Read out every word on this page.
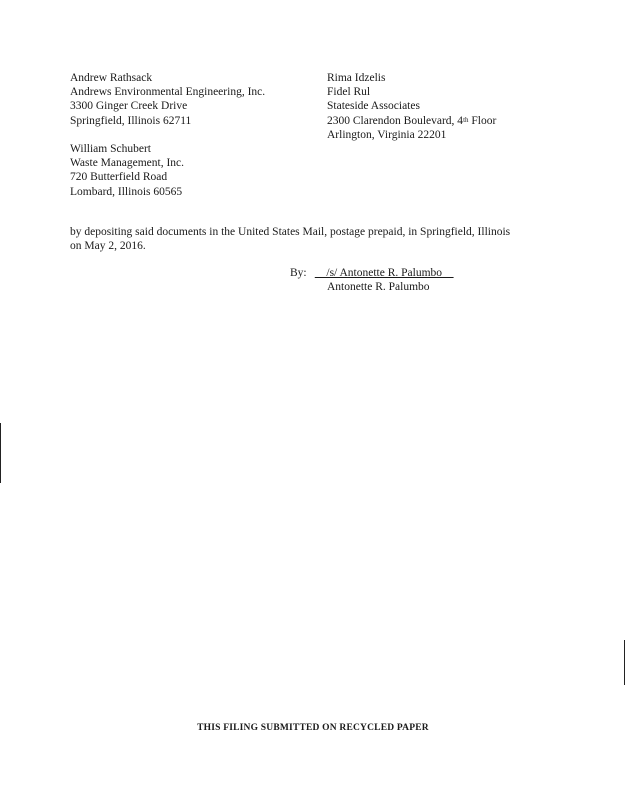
Andrew Rathsack
Andrews Environmental Engineering, Inc.
3300 Ginger Creek Drive
Springfield, Illinois 62711
Rima Idzelis
Fidel Rul
Stateside Associates
2300 Clarendon Boulevard, 4th Floor
Arlington, Virginia 22201
William Schubert
Waste Management, Inc.
720 Butterfield Road
Lombard, Illinois 60565
by depositing said documents in the United States Mail, postage prepaid, in Springfield, Illinois
on May 2, 2016.
By: __/s/ Antonette R. Palumbo__
Antonette R. Palumbo
THIS FILING SUBMITTED ON RECYCLED PAPER
